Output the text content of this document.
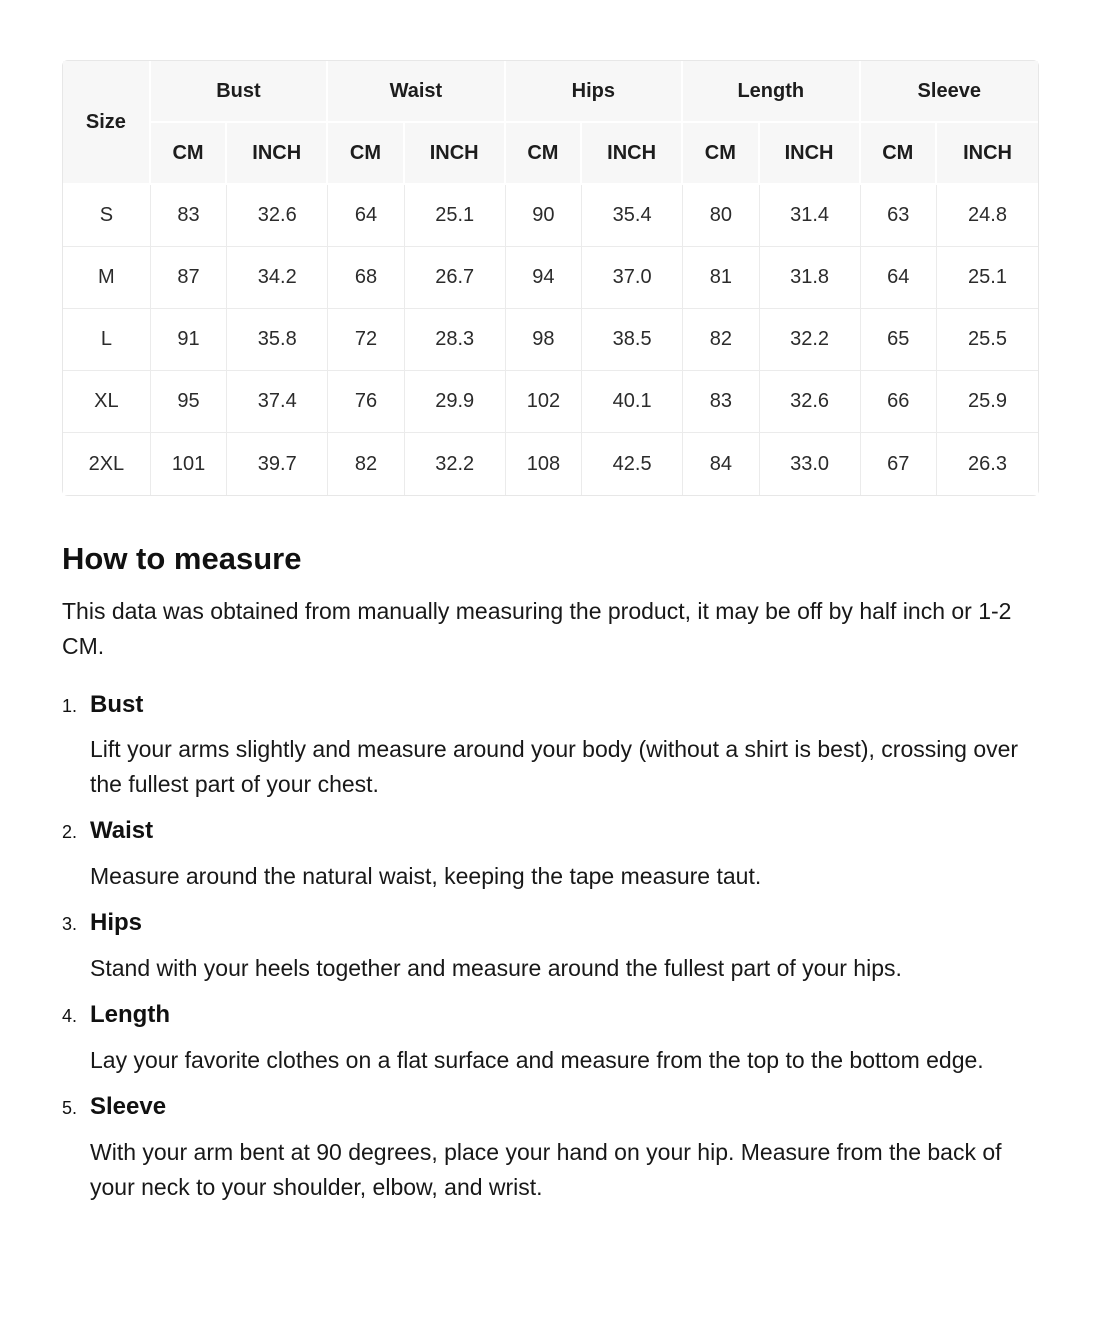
Size	Bust		Waist		Hips		Length		Sleeve	
	CM	INCH	CM	INCH	CM	INCH	CM	INCH	CM	INCH
S	83	32.6	64	25.1	90	35.4	80	31.4	63	24.8
M	87	34.2	68	26.7	94	37.0	81	31.8	64	25.1
L	91	35.8	72	28.3	98	38.5	82	32.2	65	25.5
XL	95	37.4	76	29.9	102	40.1	83	32.6	66	25.9
2XL	101	39.7	82	32.2	108	42.5	84	33.0	67	26.3
How to measure

This data was obtained from manually measuring the product, it may be off by half inch or 1-2 CM.

1. Bust

Lift your arms slightly and measure around your body (without a shirt is best), crossing over the fullest part of your chest.

2. Waist

Measure around the natural waist, keeping the tape measure taut.

3. Hips

Stand with your heels together and measure around the fullest part of your hips.

4. Length

Lay your favorite clothes on a flat surface and measure from the top to the bottom edge.

5. Sleeve

With your arm bent at 90 degrees, place your hand on your hip. Measure from the back of your neck to your shoulder, elbow, and wrist.
